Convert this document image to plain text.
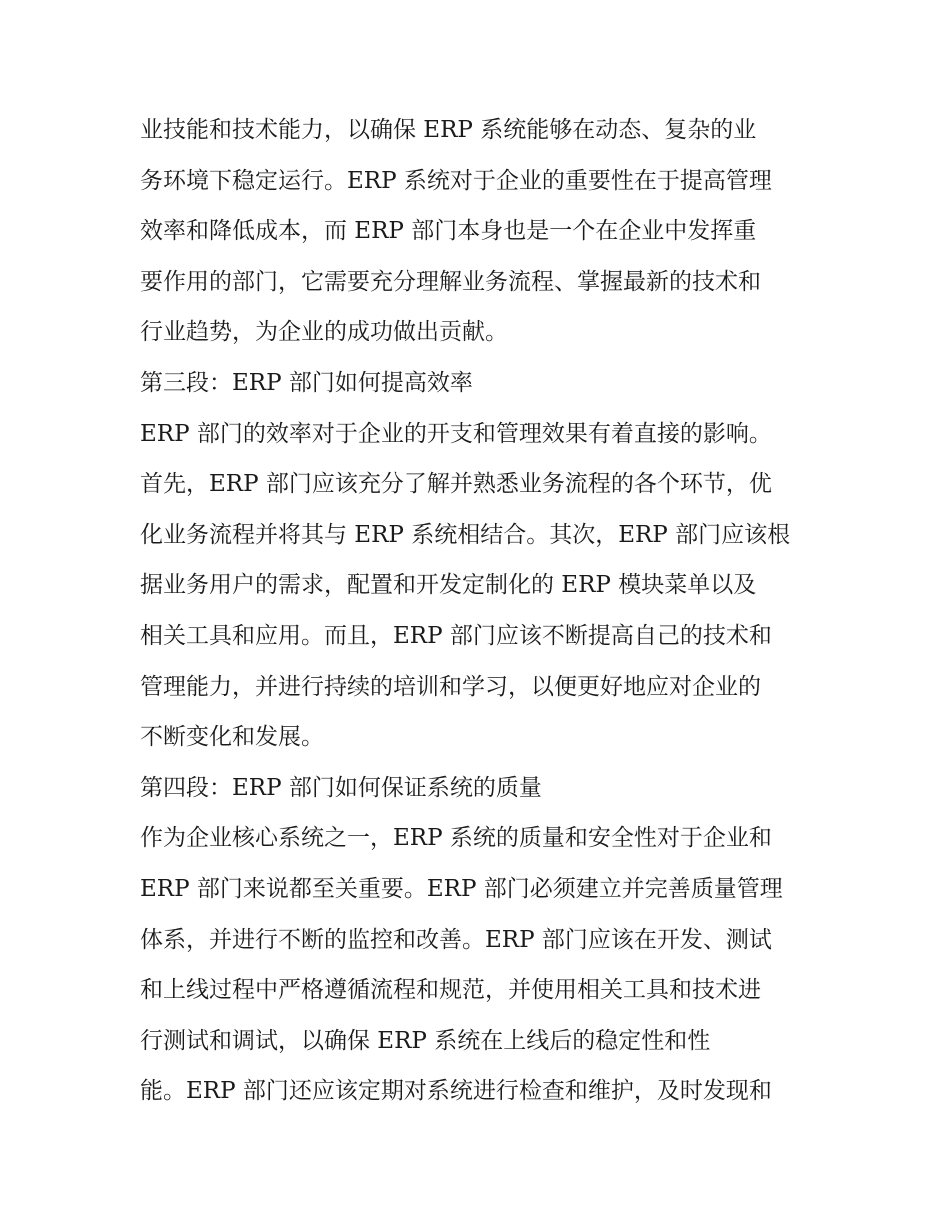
业技能和技术能力，以确保 ERP 系统能够在动态、复杂的业
务环境下稳定运行。ERP 系统对于企业的重要性在于提高管理
效率和降低成本，而 ERP 部门本身也是一个在企业中发挥重
要作用的部门，它需要充分理解业务流程、掌握最新的技术和
行业趋势，为企业的成功做出贡献。
第三段：ERP 部门如何提高效率
ERP 部门的效率对于企业的开支和管理效果有着直接的影响。
首先，ERP 部门应该充分了解并熟悉业务流程的各个环节，优
化业务流程并将其与 ERP 系统相结合。其次，ERP 部门应该根
据业务用户的需求，配置和开发定制化的 ERP 模块菜单以及
相关工具和应用。而且，ERP 部门应该不断提高自己的技术和
管理能力，并进行持续的培训和学习，以便更好地应对企业的
不断变化和发展。
第四段：ERP 部门如何保证系统的质量
作为企业核心系统之一，ERP 系统的质量和安全性对于企业和
ERP 部门来说都至关重要。ERP 部门必须建立并完善质量管理
体系，并进行不断的监控和改善。ERP 部门应该在开发、测试
和上线过程中严格遵循流程和规范，并使用相关工具和技术进
行测试和调试，以确保 ERP 系统在上线后的稳定性和性
能。ERP 部门还应该定期对系统进行检查和维护，及时发现和
